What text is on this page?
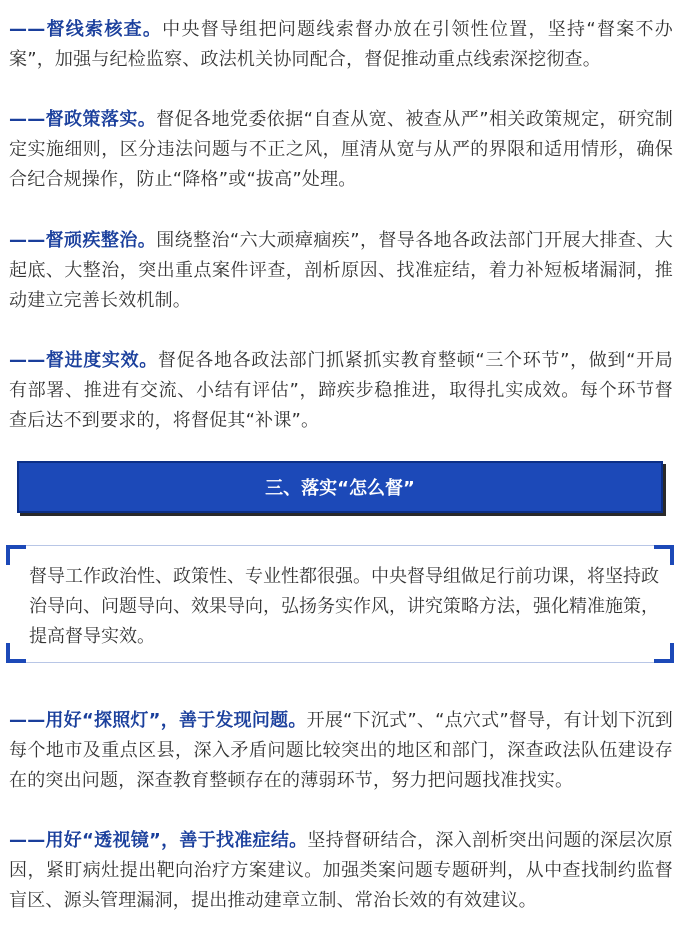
——督线索核查。中央督导组把问题线索督办放在引领性位置，坚持“督案不办案”，加强与纪检监察、政法机关协同配合，督促推动重点线索深挖彻查。

——督政策落实。督促各地党委依据“自查从宽、被查从严”相关政策规定，研究制定实施细则，区分违法问题与不正之风，厘清从宽与从严的界限和适用情形，确保合纪合规操作，防止“降格”或“拔高”处理。

——督顽疾整治。围绕整治“六大顽瘴痼疾”，督导各地各政法部门开展大排查、大起底、大整治，突出重点案件评查，剖析原因、找准症结，着力补短板堵漏洞，推动建立完善长效机制。

——督进度实效。督促各地各政法部门抓紧抓实教育整顿“三个环节”，做到“开局有部署、推进有交流、小结有评估”，蹄疾步稳推进，取得扎实成效。每个环节督查后达不到要求的，将督促其“补课”。

三、落实“怎么督”

督导工作政治性、政策性、专业性都很强。中央督导组做足行前功课，将坚持政治导向、问题导向、效果导向，弘扬务实作风，讲究策略方法，强化精准施策，提高督导实效。

——用好“探照灯”，善于发现问题。开展“下沉式”、“点穴式”督导，有计划下沉到每个地市及重点区县，深入矛盾问题比较突出的地区和部门，深查政法队伍建设存在的突出问题，深查教育整顿存在的薄弱环节，努力把问题找准找实。

——用好“透视镜”，善于找准症结。坚持督研结合，深入剖析突出问题的深层次原因，紧盯病灶提出靶向治疗方案建议。加强类案问题专题研判，从中查找制约监督盲区、源头管理漏洞，提出推动建章立制、常治长效的有效建议。
